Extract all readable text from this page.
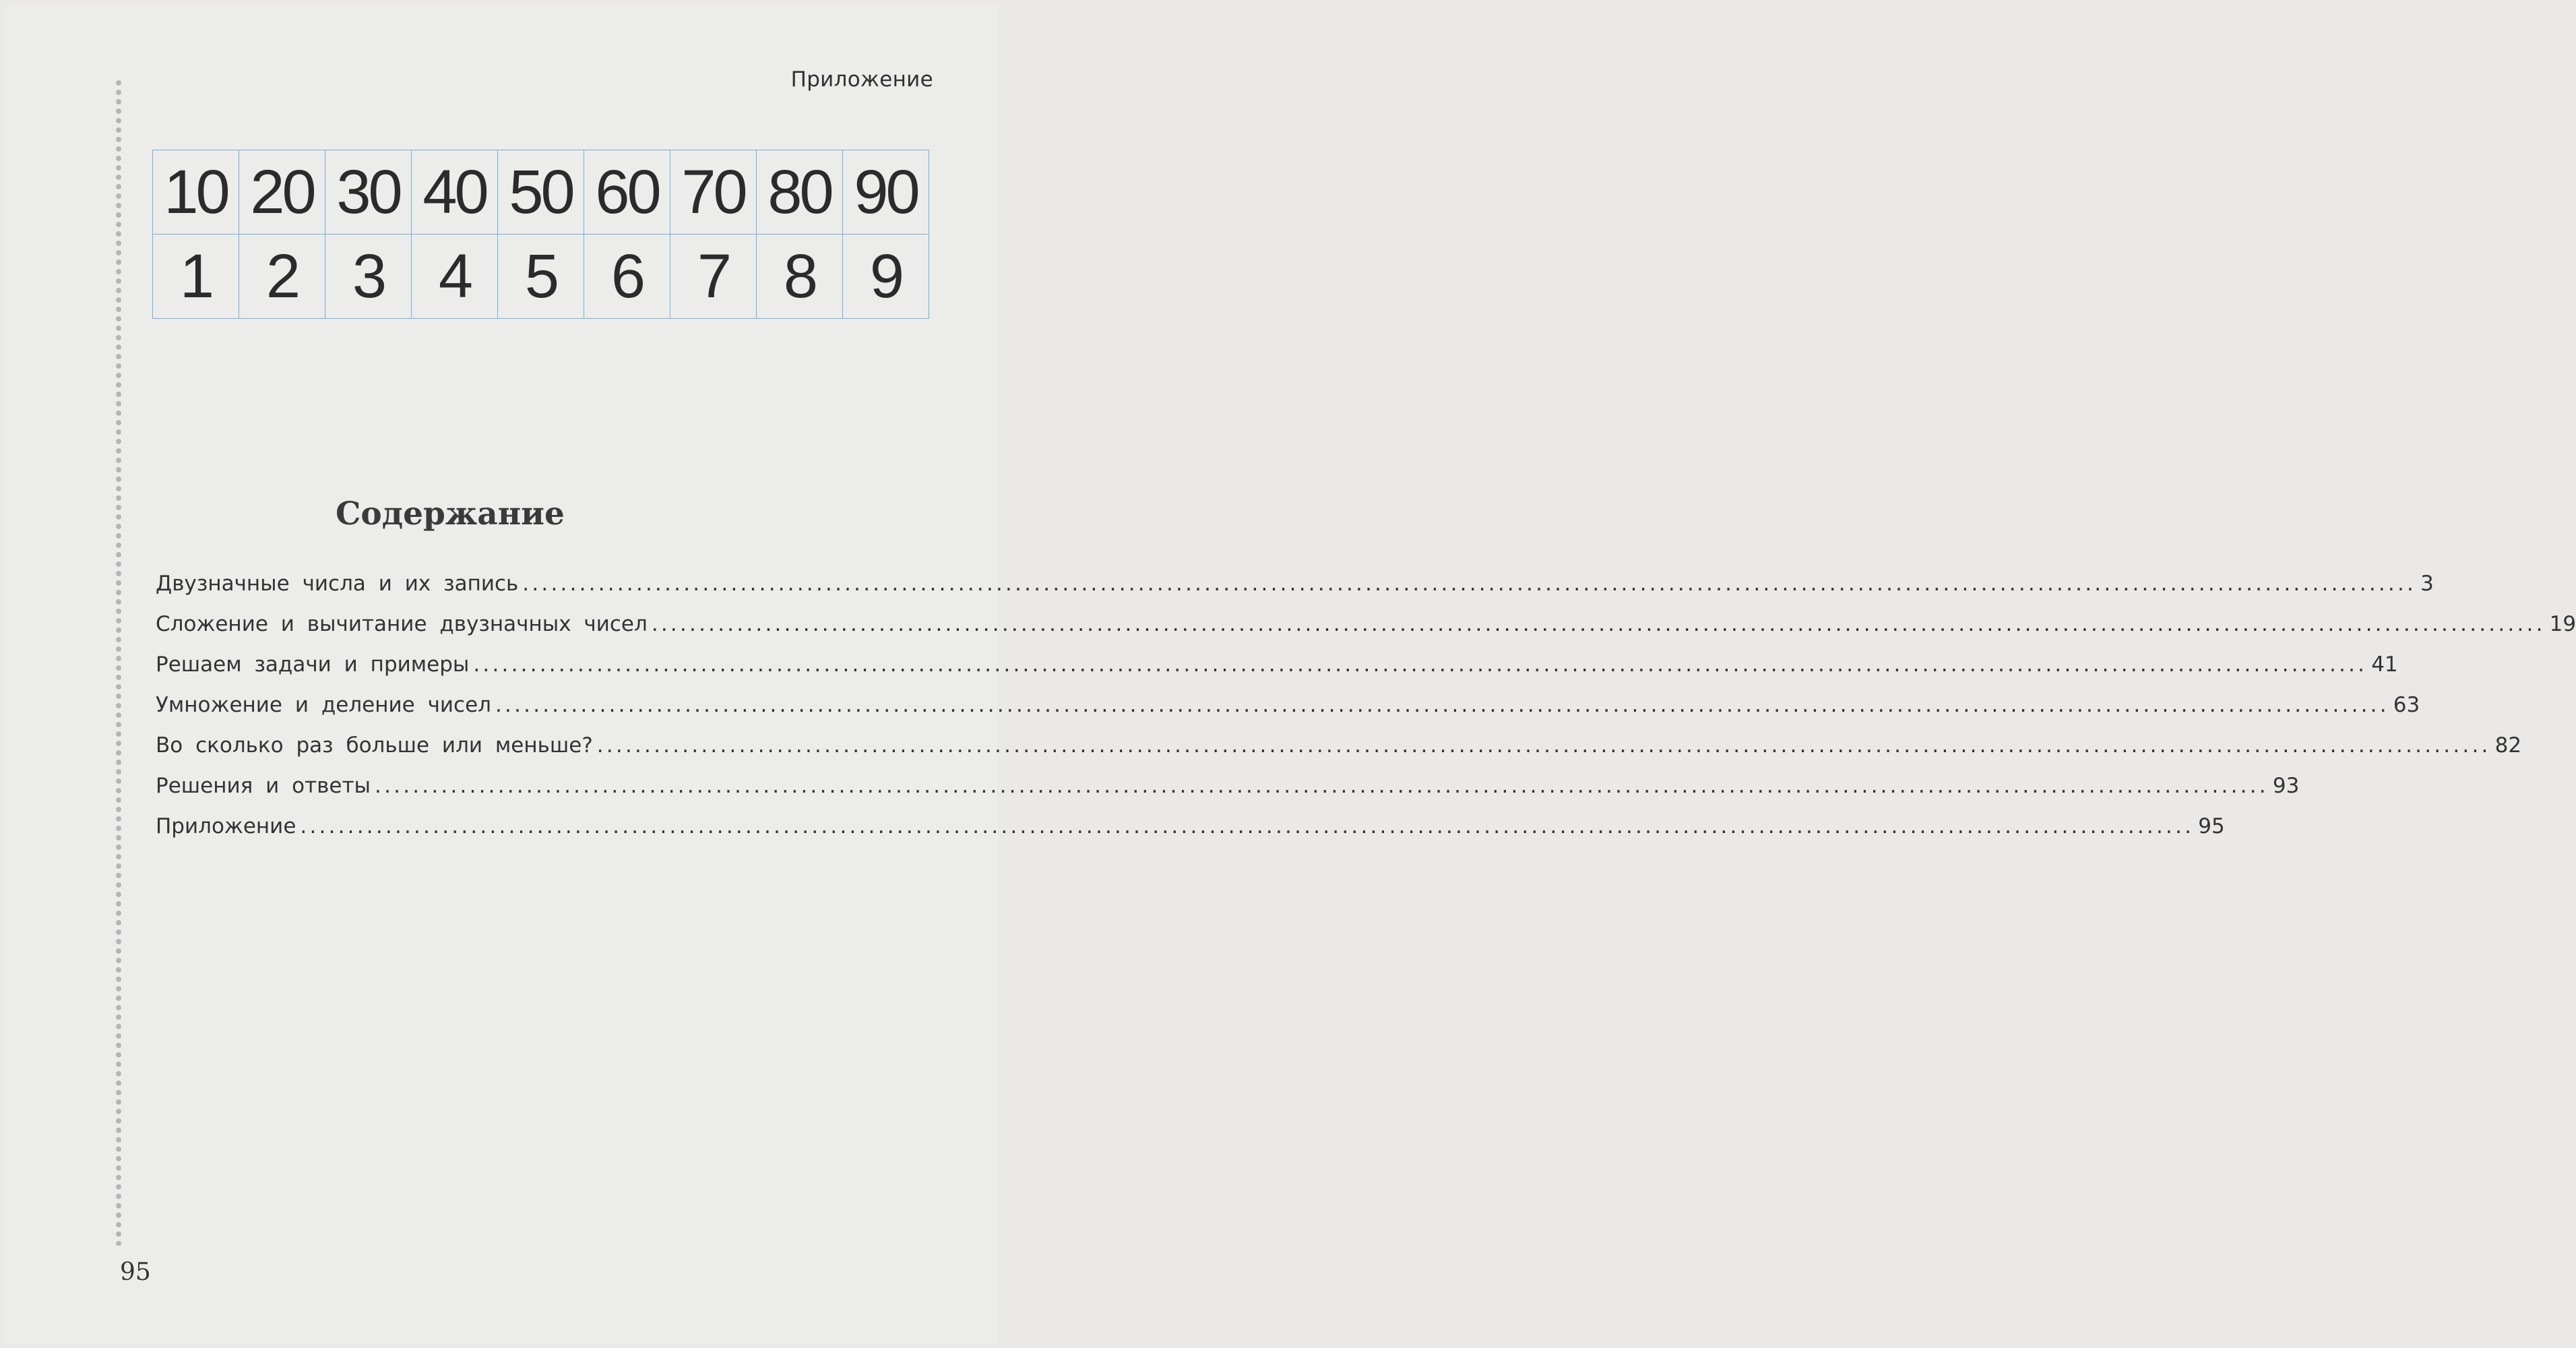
Приложение
10	20	30	40	50	60	70	80	90
1	2	3	4	5	6	7	8	9
Содержание
Двузначные числа и их запись ........................................................................................................................................................................................................ 3
Сложение и вычитание двузначных чисел ........................................................................................................................................................................................................ 19
Решаем задачи и примеры ........................................................................................................................................................................................................ 41
Умножение и деление чисел ........................................................................................................................................................................................................ 63
Во сколько раз больше или меньше? ........................................................................................................................................................................................................ 82
Решения и ответы ........................................................................................................................................................................................................ 93
Приложение ........................................................................................................................................................................................................ 95
95
